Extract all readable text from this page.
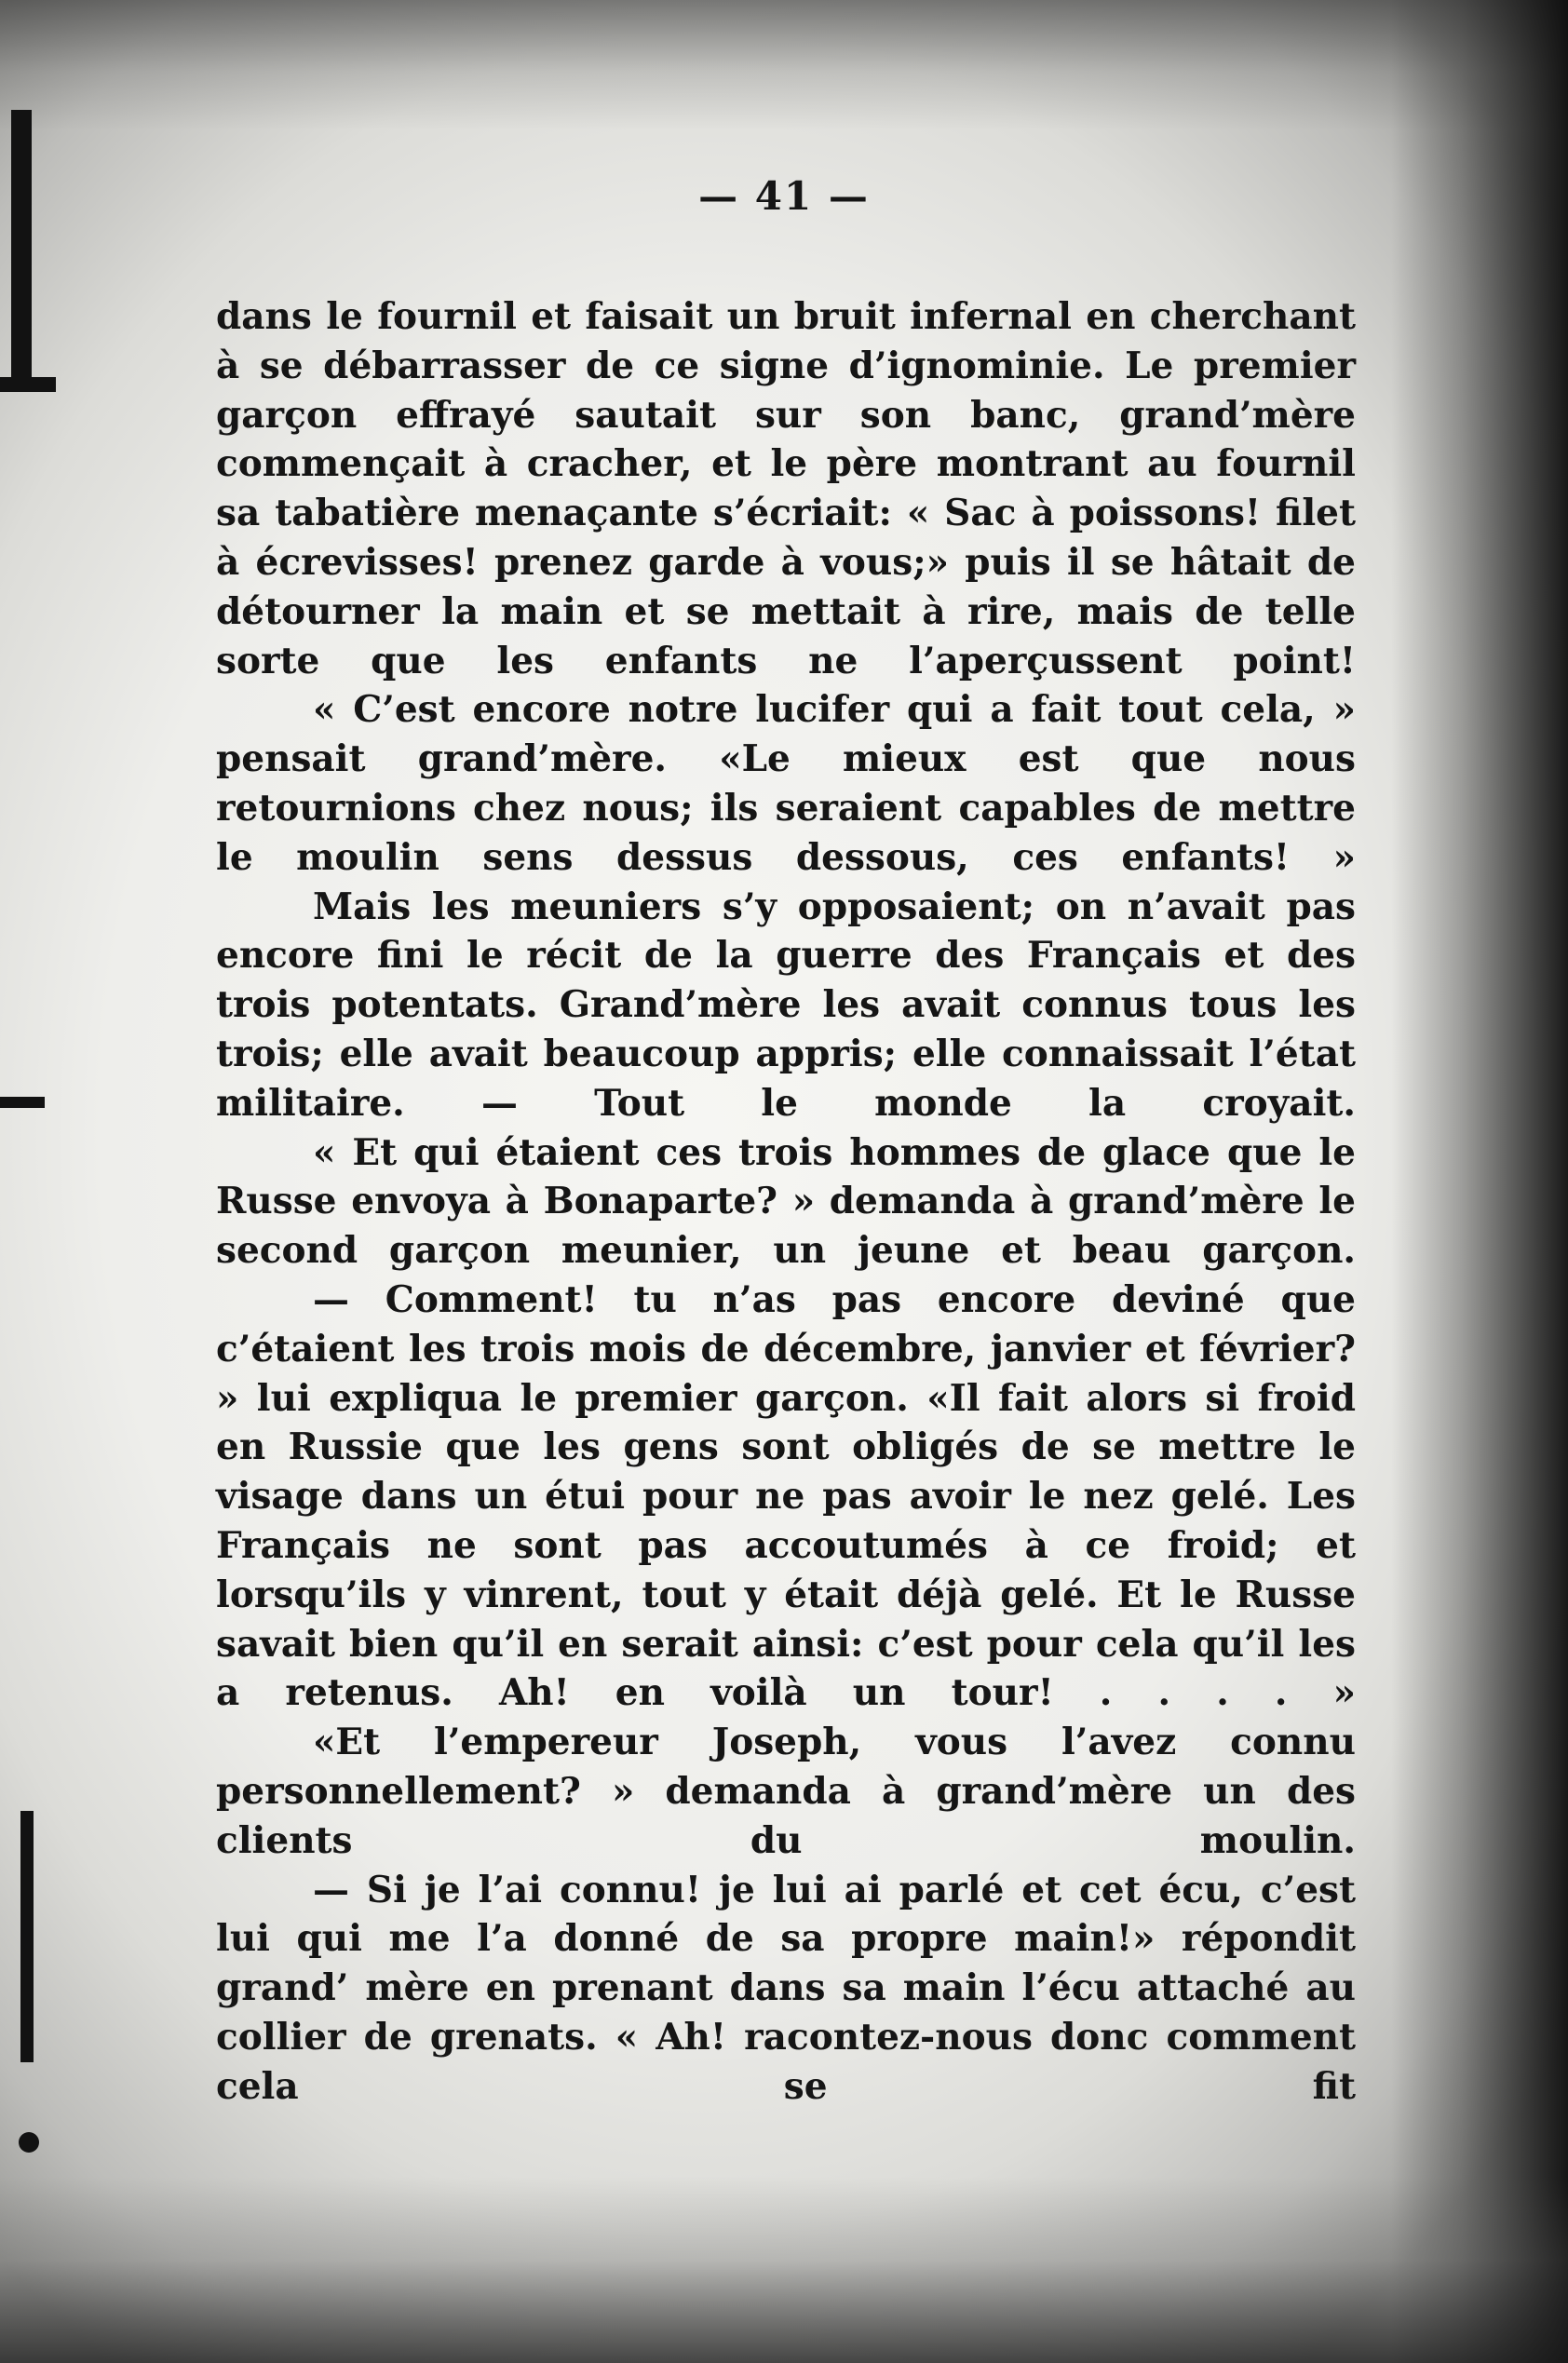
— 41 —

dans le fournil et faisait un bruit infernal en cherchant à se débarrasser de ce signe d’ignominie. Le premier garçon effrayé sautait sur son banc, grand’mère commençait à cracher, et le père montrant au fournil sa tabatière menaçante s’écriait: « Sac à poissons! filet à écrevisses! prenez garde à vous;» puis il se hâtait de détourner la main et se mettait à rire, mais de telle sorte que les enfants ne l’aperçussent point!

« C’est encore notre lucifer qui a fait tout cela, » pensait grand’mère. «Le mieux est que nous retournions chez nous; ils seraient capables de mettre le moulin sens dessus dessous, ces enfants! »

Mais les meuniers s’y opposaient; on n’avait pas encore fini le récit de la guerre des Français et des trois potentats. Grand’mère les avait connus tous les trois; elle avait beaucoup appris; elle connaissait l’état militaire. — Tout le monde la croyait.

« Et qui étaient ces trois hommes de glace que le Russe envoya à Bonaparte? » demanda à grand’mère le second garçon meunier, un jeune et beau garçon.

— Comment! tu n’as pas encore deviné que c’étaient les trois mois de décembre, janvier et février? » lui expliqua le premier garçon. «Il fait alors si froid en Russie que les gens sont obligés de se mettre le visage dans un étui pour ne pas avoir le nez gelé. Les Français ne sont pas accoutumés à ce froid; et lorsqu’ils y vinrent, tout y était déjà gelé. Et le Russe savait bien qu’il en serait ainsi: c’est pour cela qu’il les a retenus. Ah! en voilà un tour! . . . . »

«Et l’empereur Joseph, vous l’avez connu personnellement? » demanda à grand’mère un des clients du moulin.

— Si je l’ai connu! je lui ai parlé et cet écu, c’est lui qui me l’a donné de sa propre main!» répondit grand’ mère en prenant dans sa main l’écu attaché au collier de grenats. « Ah! racontez-nous donc comment cela se fit
